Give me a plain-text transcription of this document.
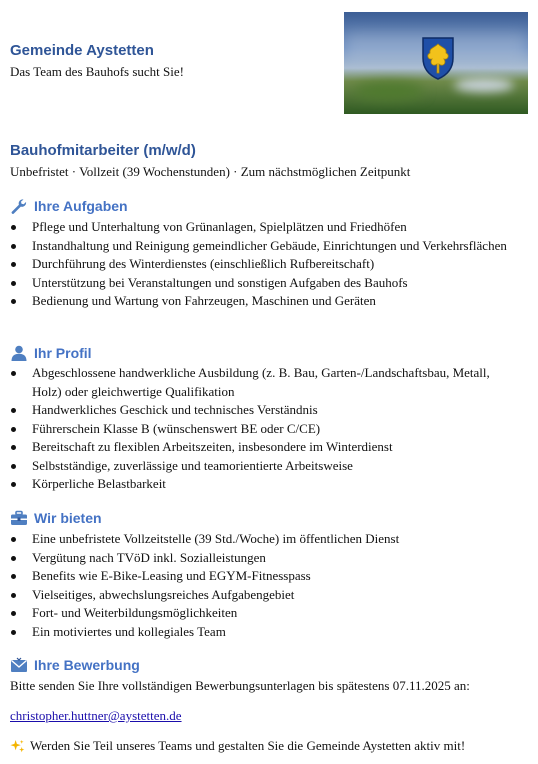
Gemeinde Aystetten
Das Team des Bauhofs sucht Sie!
Bauhofmitarbeiter (m/w/d)
Unbefristet · Vollzeit (39 Wochenstunden) · Zum nächstmöglichen Zeitpunkt
Ihre Aufgaben
Pflege und Unterhaltung von Grünanlagen, Spielplätzen und Friedhöfen
Instandhaltung und Reinigung gemeindlicher Gebäude, Einrichtungen und Verkehrsflächen
Durchführung des Winterdienstes (einschließlich Rufbereitschaft)
Unterstützung bei Veranstaltungen und sonstigen Aufgaben des Bauhofs
Bedienung und Wartung von Fahrzeugen, Maschinen und Geräten
Ihr Profil
Abgeschlossene handwerkliche Ausbildung (z. B. Bau, Garten-/Landschaftsbau, Metall, Holz) oder gleichwertige Qualifikation
Handwerkliches Geschick und technisches Verständnis
Führerschein Klasse B (wünschenswert BE oder C/CE)
Bereitschaft zu flexiblen Arbeitszeiten, insbesondere im Winterdienst
Selbstständige, zuverlässige und teamorientierte Arbeitsweise
Körperliche Belastbarkeit
Wir bieten
Eine unbefristete Vollzeitstelle (39 Std./Woche) im öffentlichen Dienst
Vergütung nach TVöD inkl. Sozialleistungen
Benefits wie E-Bike-Leasing und EGYM-Fitnesspass
Vielseitiges, abwechslungsreiches Aufgabengebiet
Fort- und Weiterbildungsmöglichkeiten
Ein motiviertes und kollegiales Team
Ihre Bewerbung
Bitte senden Sie Ihre vollständigen Bewerbungsunterlagen bis spätestens 07.11.2025 an:
christopher.huttner@aystetten.de
Werden Sie Teil unseres Teams und gestalten Sie die Gemeinde Aystetten aktiv mit!
